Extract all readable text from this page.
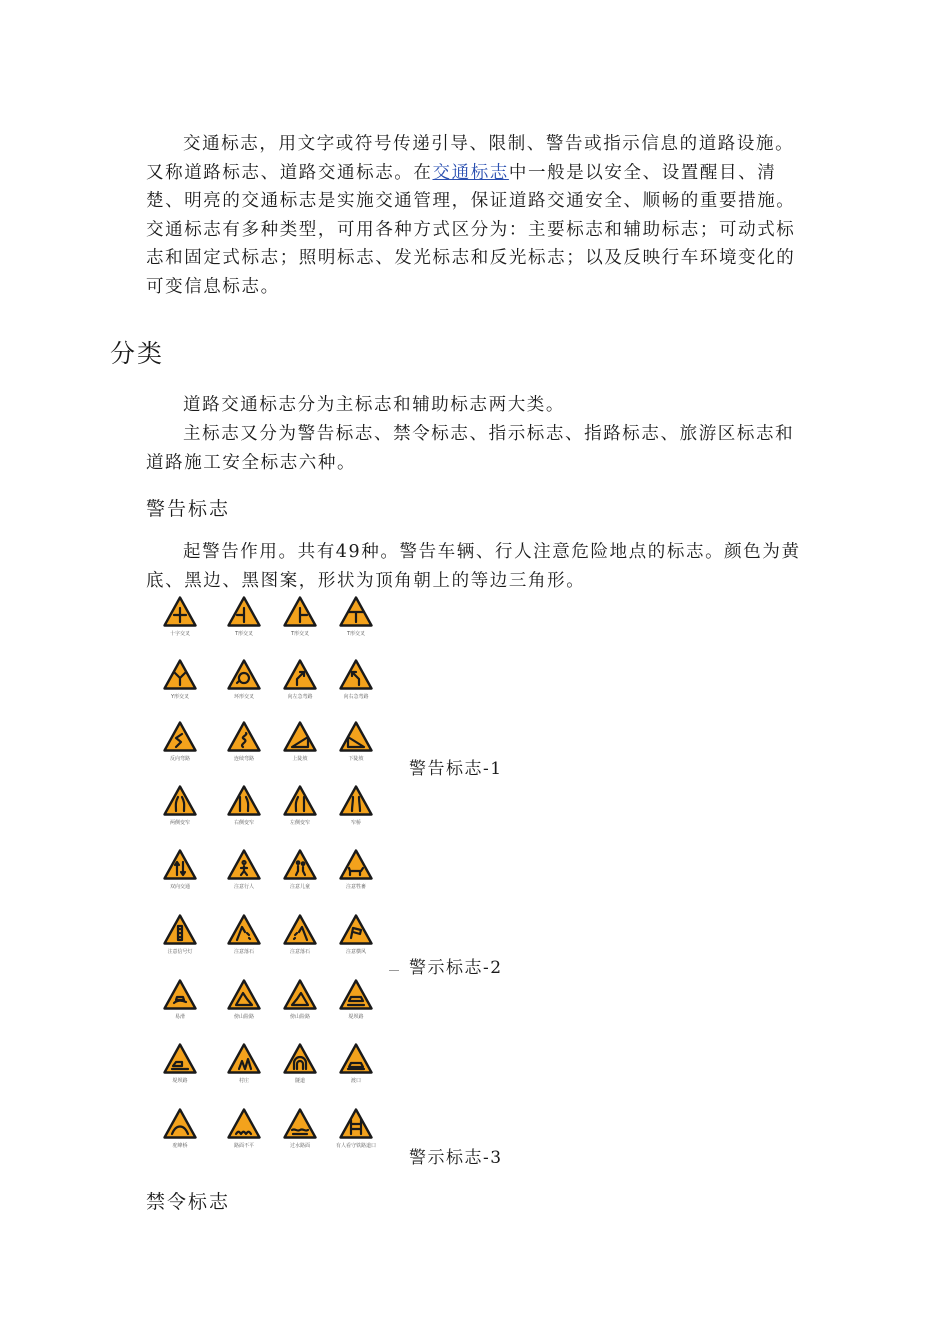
交通标志，用文字或符号传递引导、限制、警告或指示信息的道路设施。又称道路标志、道路交通标志。在交通标志中一般是以安全、设置醒目、清楚、明亮的交通标志是实施交通管理，保证道路交通安全、顺畅的重要措施。 交通标志有多种类型，可用各种方式区分为：主要标志和辅助标志；可动式标志和固定式标志；照明标志、发光标志和反光标志；以及反映行车环境变化的可变信息标志。

分类

道路交通标志分为主标志和辅助标志两大类。

主标志又分为警告标志、禁令标志、指示标志、指路标志、旅游区标志和道路施工安全标志六种。

警告标志

起警告作用。共有49种。警告车辆、行人注意危险地点的标志。颜色为黄底、黑边、黑图案，形状为顶角朝上的等边三角形。

十字交叉	T形交叉	T形交叉	T形交叉
Y形交叉	环形交叉	向左急弯路	向右急弯路
反向弯路	连续弯路	上陡坡	下陡坡
两侧变窄	右侧变窄	左侧变窄	窄桥
双向交通	注意行人	注意儿童	注意牲畜
注意信号灯	注意落石	注意落石	注意横风
易滑	傍山险路	傍山险路	堤坝路
堤坝路	村庄	隧道	渡口
驼峰桥	路面不平	过水路面	有人看守铁路道口
警告标志-1
警示标志-2
警示标志-3
禁令标志
